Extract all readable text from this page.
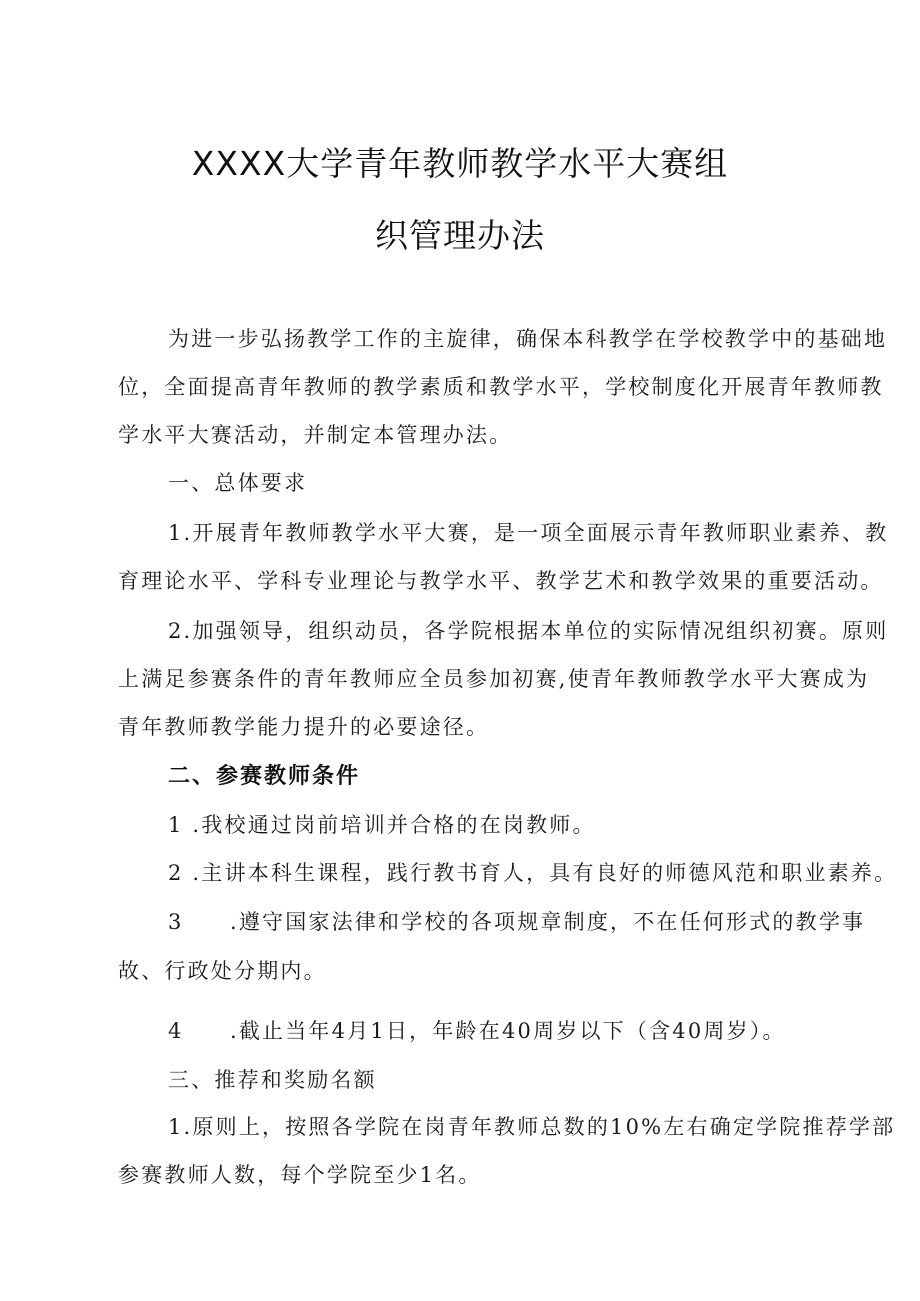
XXXX大学青年教师教学水平大赛组
织管理办法
为进一步弘扬教学工作的主旋律，确保本科教学在学校教学中的基础地
位，全面提高青年教师的教学素质和教学水平，学校制度化开展青年教师教
学水平大赛活动，并制定本管理办法。
一、总体要求
1.开展青年教师教学水平大赛，是一项全面展示青年教师职业素养、教
育理论水平、学科专业理论与教学水平、教学艺术和教学效果的重要活动。
2.加强领导，组织动员，各学院根据本单位的实际情况组织初赛。原则
上满足参赛条件的青年教师应全员参加初赛,使青年教师教学水平大赛成为
青年教师教学能力提升的必要途径。
二、参赛教师条件
1 .我校通过岗前培训并合格的在岗教师。
2 .主讲本科生课程，践行教书育人，具有良好的师德风范和职业素养。
3　　.遵守国家法律和学校的各项规章制度，不在任何形式的教学事
故、行政处分期内。
4　　.截止当年4月1日，年龄在40周岁以下（含40周岁）。
三、推荐和奖励名额
1.原则上，按照各学院在岗青年教师总数的10%左右确定学院推荐学部
参赛教师人数，每个学院至少1名。
